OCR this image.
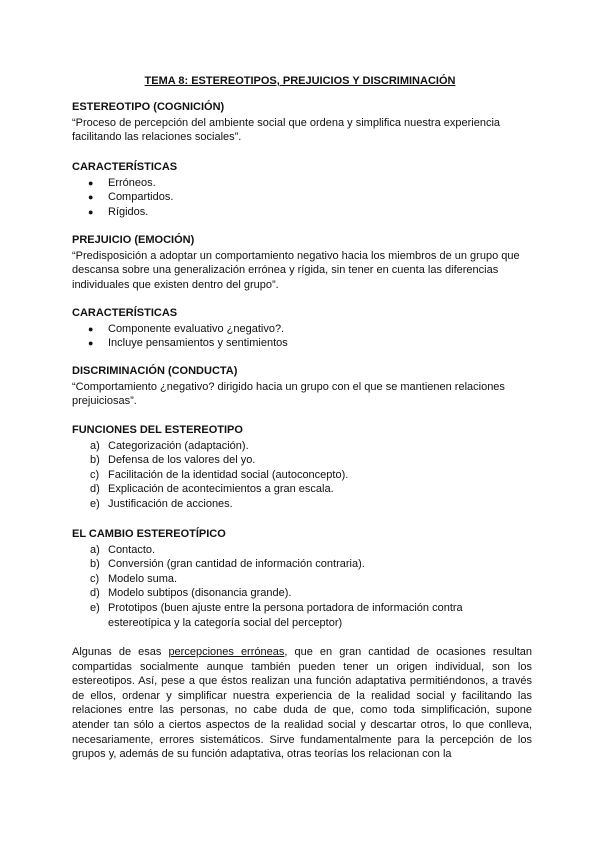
TEMA 8: ESTEREOTIPOS, PREJUICIOS Y DISCRIMINACIÓN
ESTEREOTIPO (COGNICIÓN)

“Proceso de percepción del ambiente social que ordena y simplifica nuestra experiencia facilitando las relaciones sociales”.

CARACTERÍSTICAS
● Erróneos.
● Compartidos.
● Rígidos.
PREJUICIO (EMOCIÓN)

“Predisposición a adoptar un comportamiento negativo hacia los miembros de un grupo que descansa sobre una generalización errónea y rígida, sin tener en cuenta las diferencias individuales que existen dentro del grupo”.

CARACTERÍSTICAS
● Componente evaluativo ¿negativo?.
● Incluye pensamientos y sentimientos
DISCRIMINACIÓN (CONDUCTA)

“Comportamiento ¿negativo? dirigido hacia un grupo con el que se mantienen relaciones prejuiciosas”.

FUNCIONES DEL ESTEREOTIPO
a) Categorización (adaptación).
b) Defensa de los valores del yo.
c) Facilitación de la identidad social (autoconcepto).
d) Explicación de acontecimientos a gran escala.
e) Justificación de acciones.
EL CAMBIO ESTEREOTÍPICO
a) Contacto.
b) Conversión (gran cantidad de información contraria).
c) Modelo suma.
d) Modelo subtipos (disonancia grande).
e) Prototipos (buen ajuste entre la persona portadora de información contra estereotípica y la categoría social del perceptor)

Algunas de esas percepciones erróneas, que en gran cantidad de ocasiones resultan compartidas socialmente aunque también pueden tener un origen individual, son los estereotipos. Así, pese a que éstos realizan una función adaptativa permitiéndonos, a través de ellos, ordenar y simplificar nuestra experiencia de la realidad social y facilitando las relaciones entre las personas, no cabe duda de que, como toda simplificación, supone atender tan sólo a ciertos aspectos de la realidad social y descartar otros, lo que conlleva, necesariamente, errores sistemáticos. Sirve fundamentalmente para la percepción de los grupos y, además de su función adaptativa, otras teorías los relacionan con la
